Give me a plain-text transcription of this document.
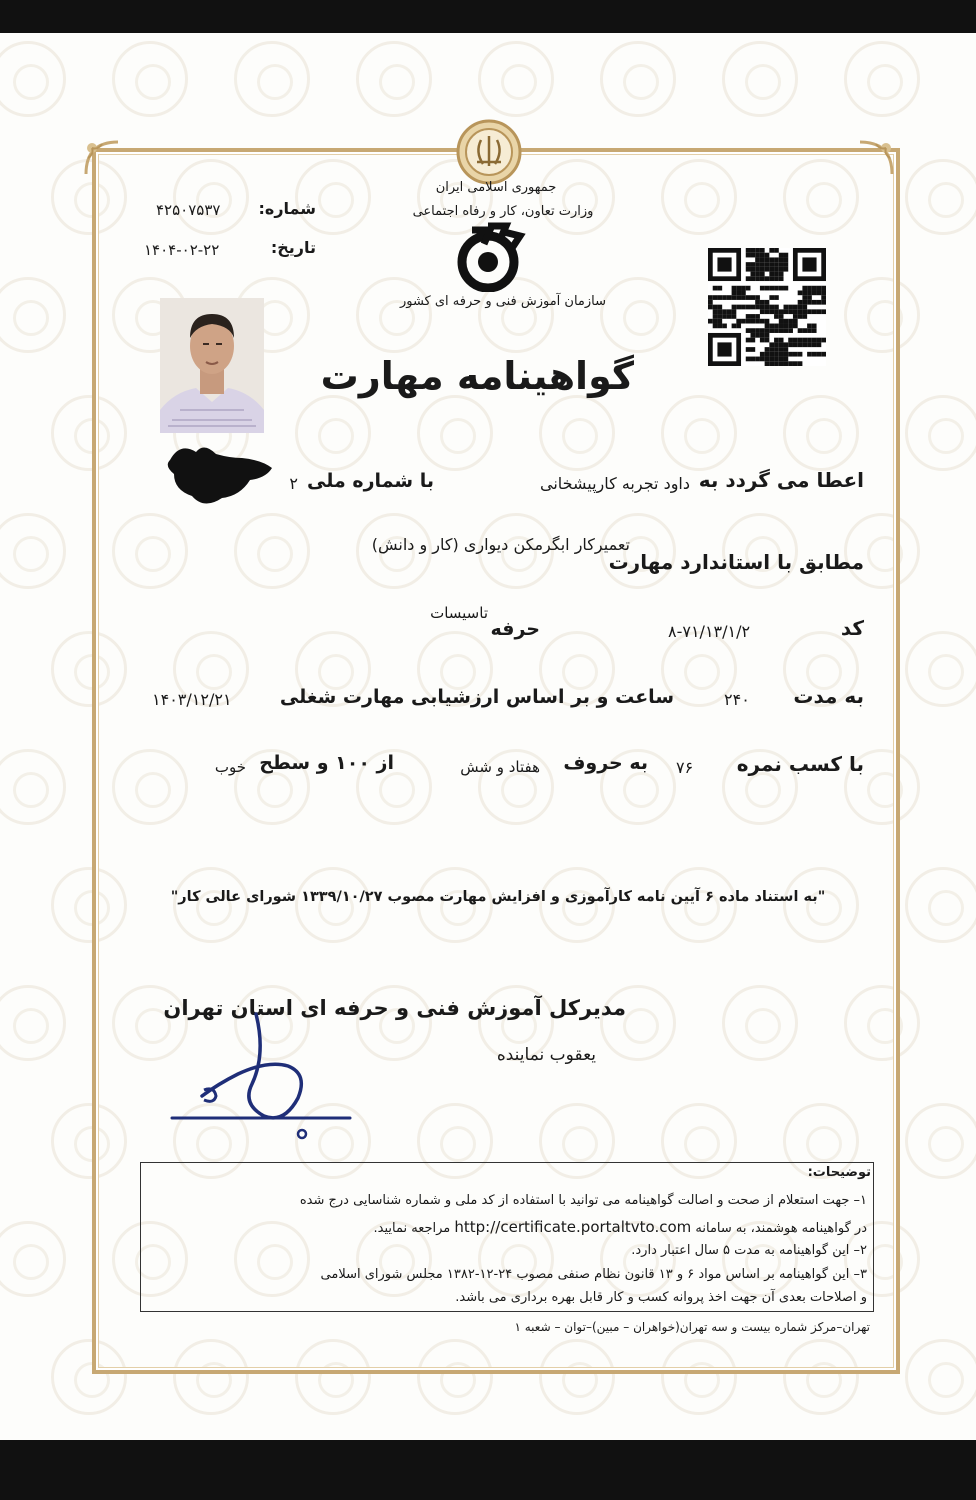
جمهوری اسلامی ایران
وزارت تعاون، کار و رفاه اجتماعی
سازمان آموزش فنی و حرفه ای کشور
شماره:
۴۲۵۰۷۵۳۷
تاریخ:
۱۴۰۴-۰۲-۲۲
گواهینامه مهارت
اعطا می گردد به
داود تجربه کارپیشخانی
با شماره ملی
۲
تعمیرکار ابگرمکن دیواری (کار و دانش)
مطابق با استاندارد مهارت
کد
۸-۷۱/۱۳/۱/۲
حرفه
تاسیسات
به مدت
۲۴۰
ساعت و بر اساس ارزشیابی مهارت شغلی
۱۴۰۳/۱۲/۲۱
با کسب نمره
۷۶
به حروف
هفتاد و شش
از ۱۰۰ و سطح
خوب
"به استناد ماده ۶ آیین نامه کارآموزی و افزایش مهارت مصوب ۱۳۳۹/۱۰/۲۷ شورای عالی کار"
مدیرکل آموزش فنی و حرفه ای استان تهران
یعقوب نماینده
توضیحات:
۱– جهت استعلام از صحت و اصالت گواهینامه می توانید با استفاده از کد ملی و شماره شناسایی درج شده
در گواهینامه هوشمند، به سامانه http://certificate.portaltvto.com مراجعه نمایید.
۲– این گواهینامه به مدت ۵ سال اعتبار دارد.
۳– این گواهینامه بر اساس مواد ۶ و ۱۳ قانون نظام صنفی مصوب ۲۴-۱۲-۱۳۸۲ مجلس شورای اسلامی
و اصلاحات بعدی آن جهت اخذ پروانه کسب و کار قابل بهره برداری می باشد.
تهران–مرکز شماره بیست و سه تهران(خواهران – مبین)–توان – شعبه ۱
